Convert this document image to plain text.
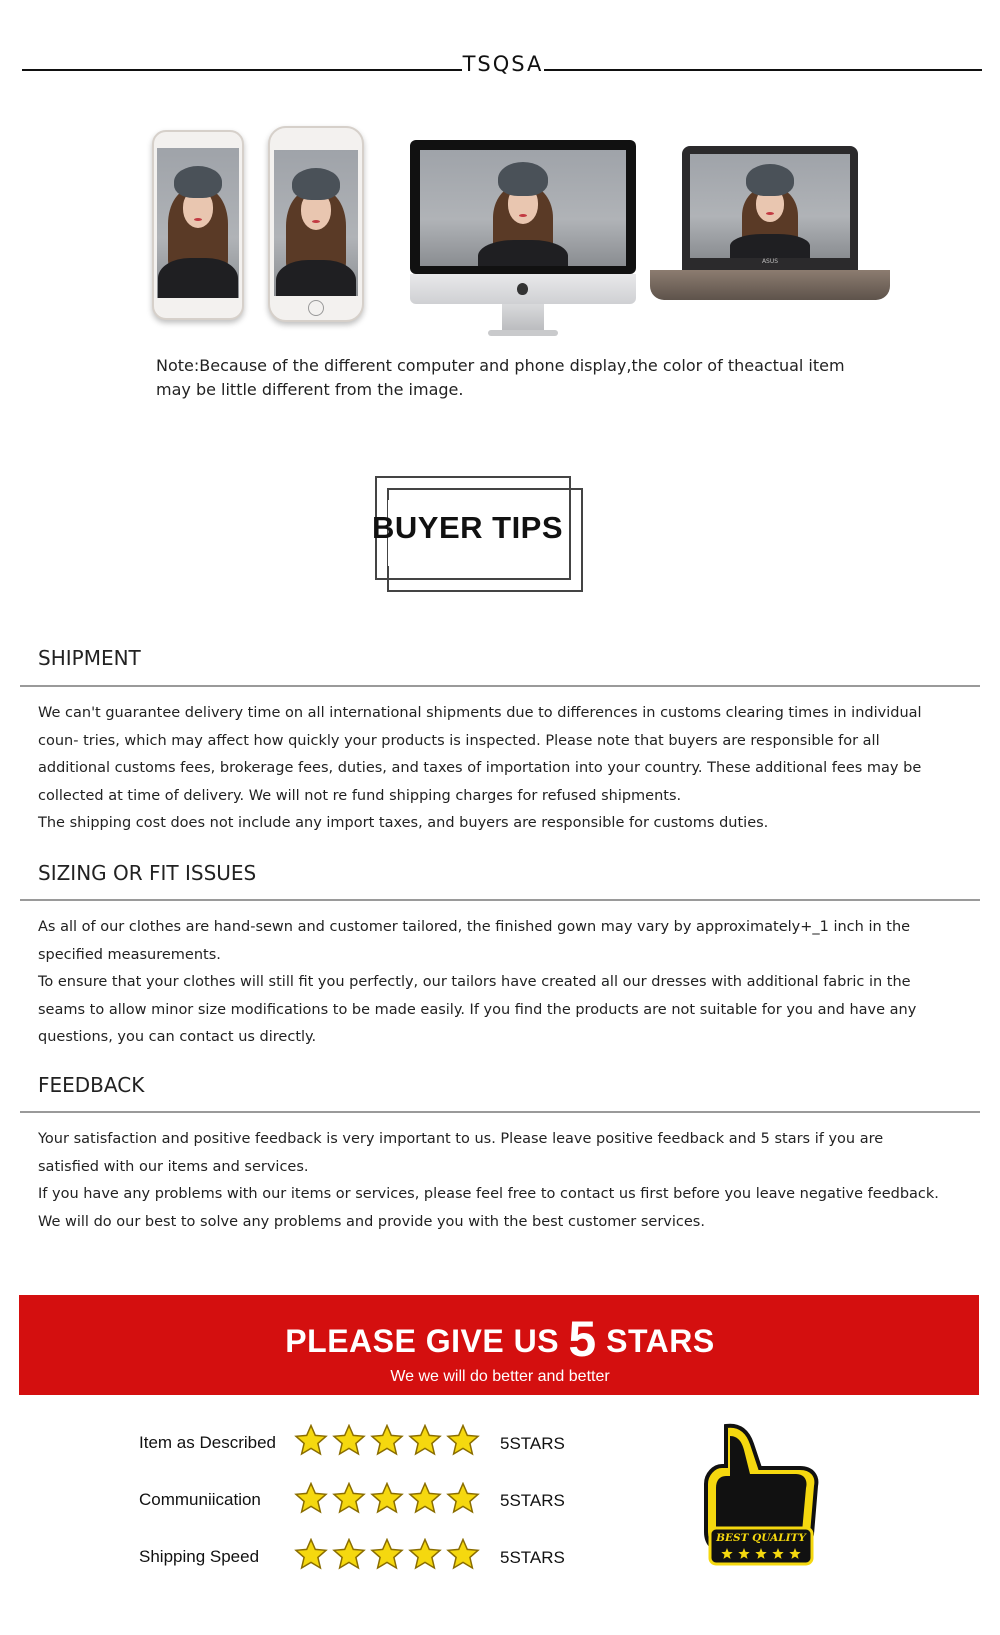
TSQSA
ASUS
Note:Because of the different computer and phone display,the color of theactual item may be little different from the image.
BUYER TIPS
SHIPMENT

We can't guarantee delivery time on all international shipments due to differences in customs clearing times in individual coun- tries, which may affect how quickly your products is inspected. Please note that buyers are responsible for all additional customs fees, brokerage fees, duties, and taxes of importation into your country. These additional fees may be collected at time of delivery. We will not re fund shipping charges for refused shipments.

The shipping cost does not include any import taxes, and buyers are responsible for customs duties.

SIZING OR FIT ISSUES

As all of our clothes are hand-sewn and customer tailored, the finished gown may vary by approximately+_1 inch in the specified measurements.

To ensure that your clothes will still fit you perfectly, our tailors have created all our dresses with additional fabric in the seams to allow minor size modifications to be made easily. If you find the products are not suitable for you and have any questions, you can contact us directly.

FEEDBACK

Your satisfaction and positive feedback is very important to us. Please leave positive feedback and 5 stars if you are satisfied with our items and services.

If you have any problems with our items or services, please feel free to contact us first before you leave negative feedback. We will do our best to solve any problems and provide you with the best customer services.

PLEASE GIVE US 5 STARS
We we will do better and better
Item as Described	5STARS
Communiication	5STARS
Shipping Speed	5STARS
BEST QUALITY
